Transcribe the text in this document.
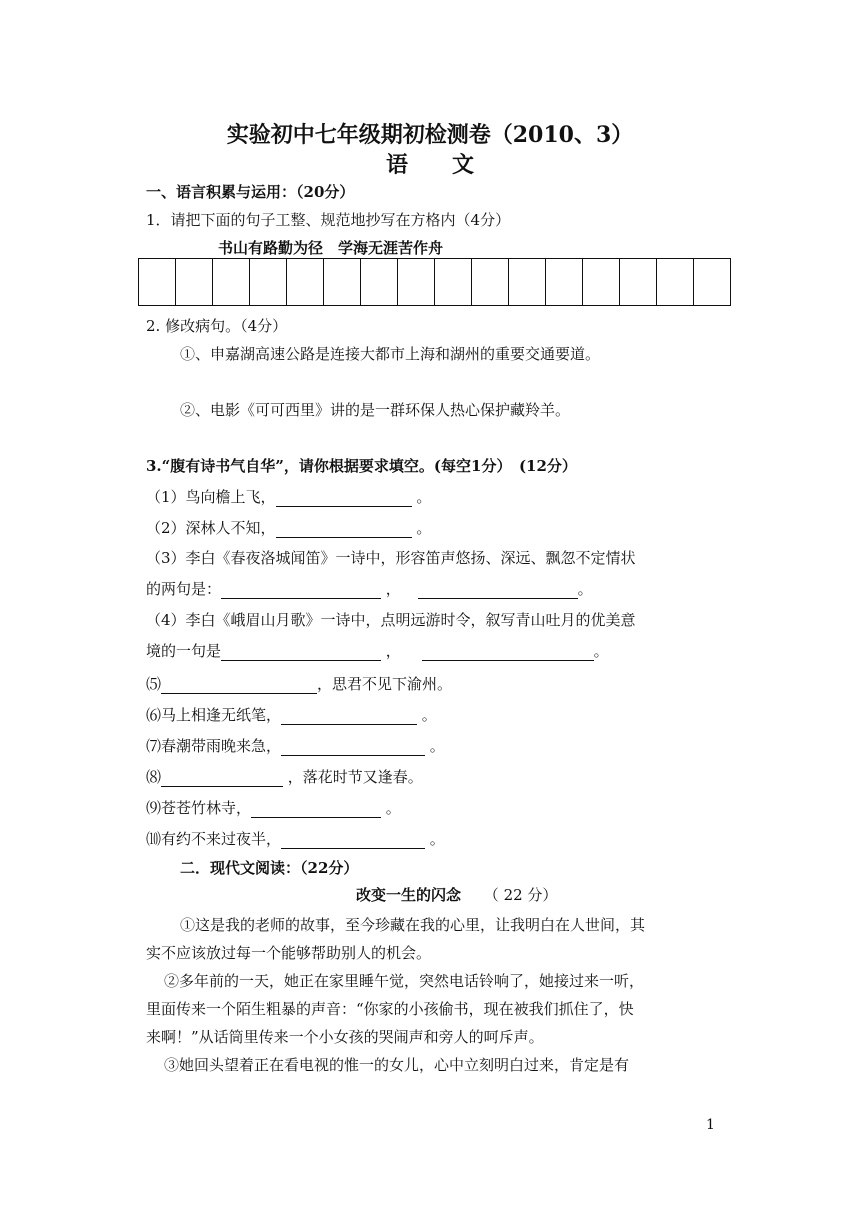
实验初中七年级期初检测卷（2010、3）
语　　文
一、语言积累与运用：（20分）
1．请把下面的句子工整、规范地抄写在方格内（4分）
书山有路勤为径　学海无涯苦作舟
2. 修改病句。（4分）
①、申嘉湖高速公路是连接大都市上海和湖州的重要交通要道。
②、电影《可可西里》讲的是一群环保人热心保护藏羚羊。
3.“腹有诗书气自华”，请你根据要求填空。(每空1分）　(12分）
（1）鸟向檐上飞，	。
（2）深林人不知，	。
（3）李白《春夜洛城闻笛》一诗中，形容笛声悠扬、深远、飘忽不定情状
的两句是：	，	。
（4）李白《峨眉山月歌》一诗中，点明远游时令，叙写青山吐月的优美意
境的一句是	，	。
⑸	，思君不见下渝州。
⑹马上相逢无纸笔，	。
⑺春潮带雨晚来急，	。
⑻	，落花时节又逢春。
⑼苍苍竹林寺，	。
⑽有约不来过夜半，	。
二．现代文阅读：（22分）
改变一生的闪念 （ 22 分）
①这是我的老师的故事，至今珍藏在我的心里，让我明白在人世间，其
实不应该放过每一个能够帮助别人的机会。
②多年前的一天，她正在家里睡午觉，突然电话铃响了，她接过来一听，
里面传来一个陌生粗暴的声音：“你家的小孩偷书，现在被我们抓住了，快
来啊！”从话筒里传来一个小女孩的哭闹声和旁人的呵斥声。
③她回头望着正在看电视的惟一的女儿，心中立刻明白过来，肯定是有
1
